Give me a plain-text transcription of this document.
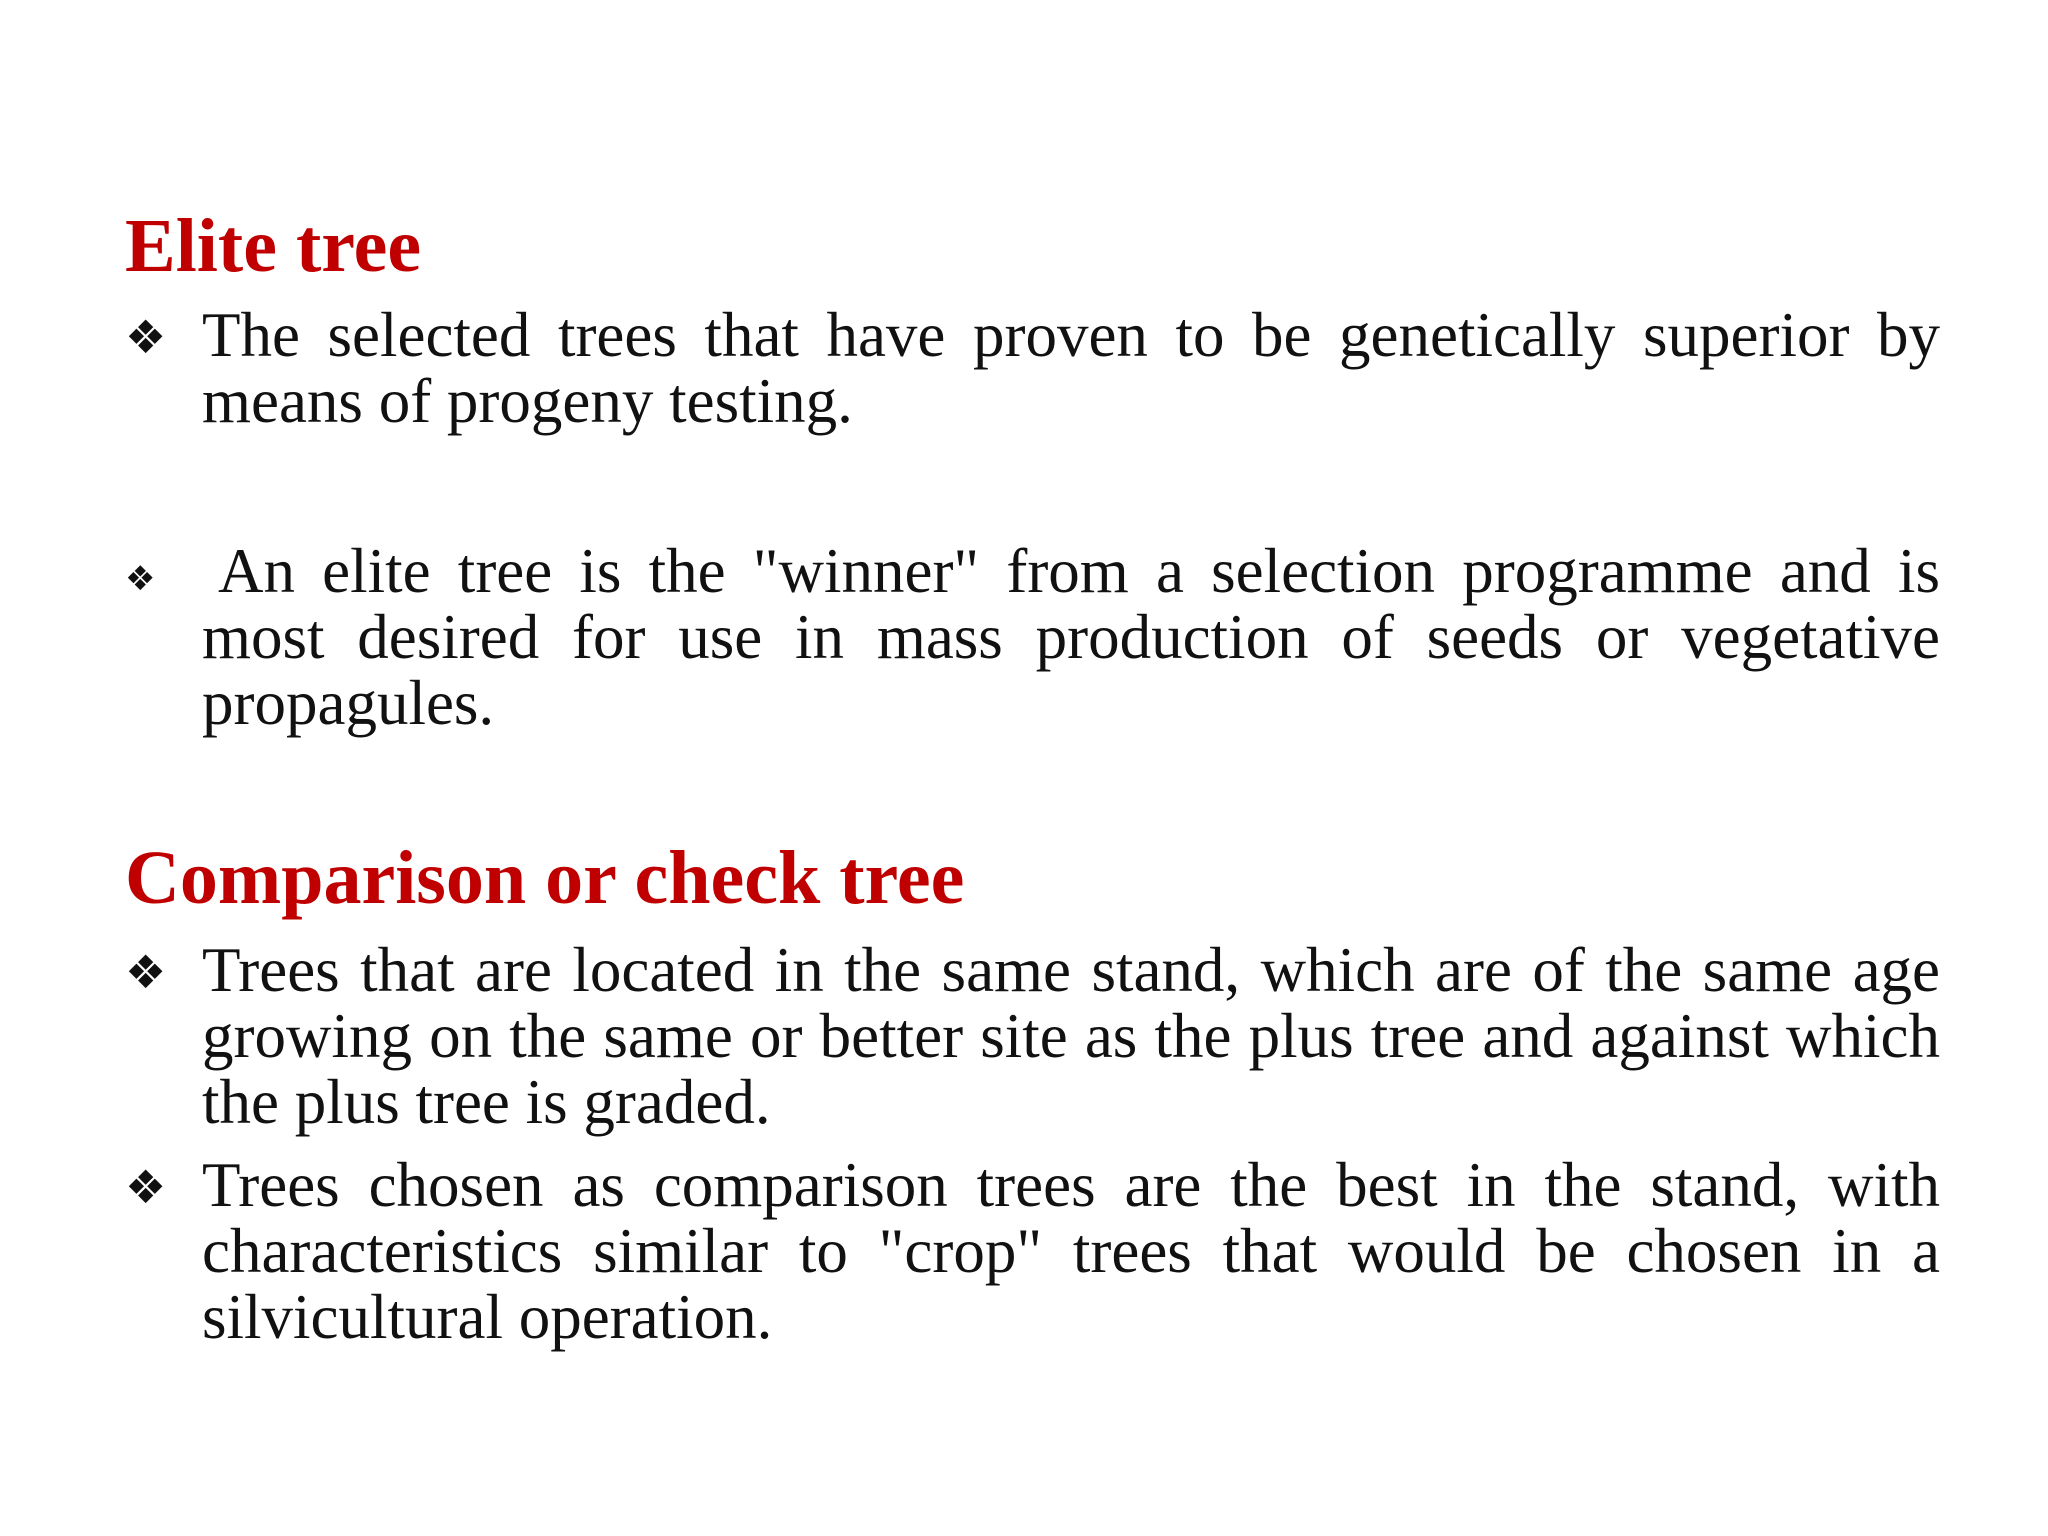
Elite tree
❖ The selected trees that have proven to be genetically superior by means of progeny testing.

❖ An elite tree is the "winner" from a selection programme and is most desired for use in mass production of seeds or vegetative propagules.

Comparison or check tree
❖ Trees that are located in the same stand, which are of the same age growing on the same or better site as the plus tree and against which the plus tree is graded.

❖ Trees chosen as comparison trees are the best in the stand, with characteristics similar to "crop" trees that would be chosen in a silvicultural operation.
